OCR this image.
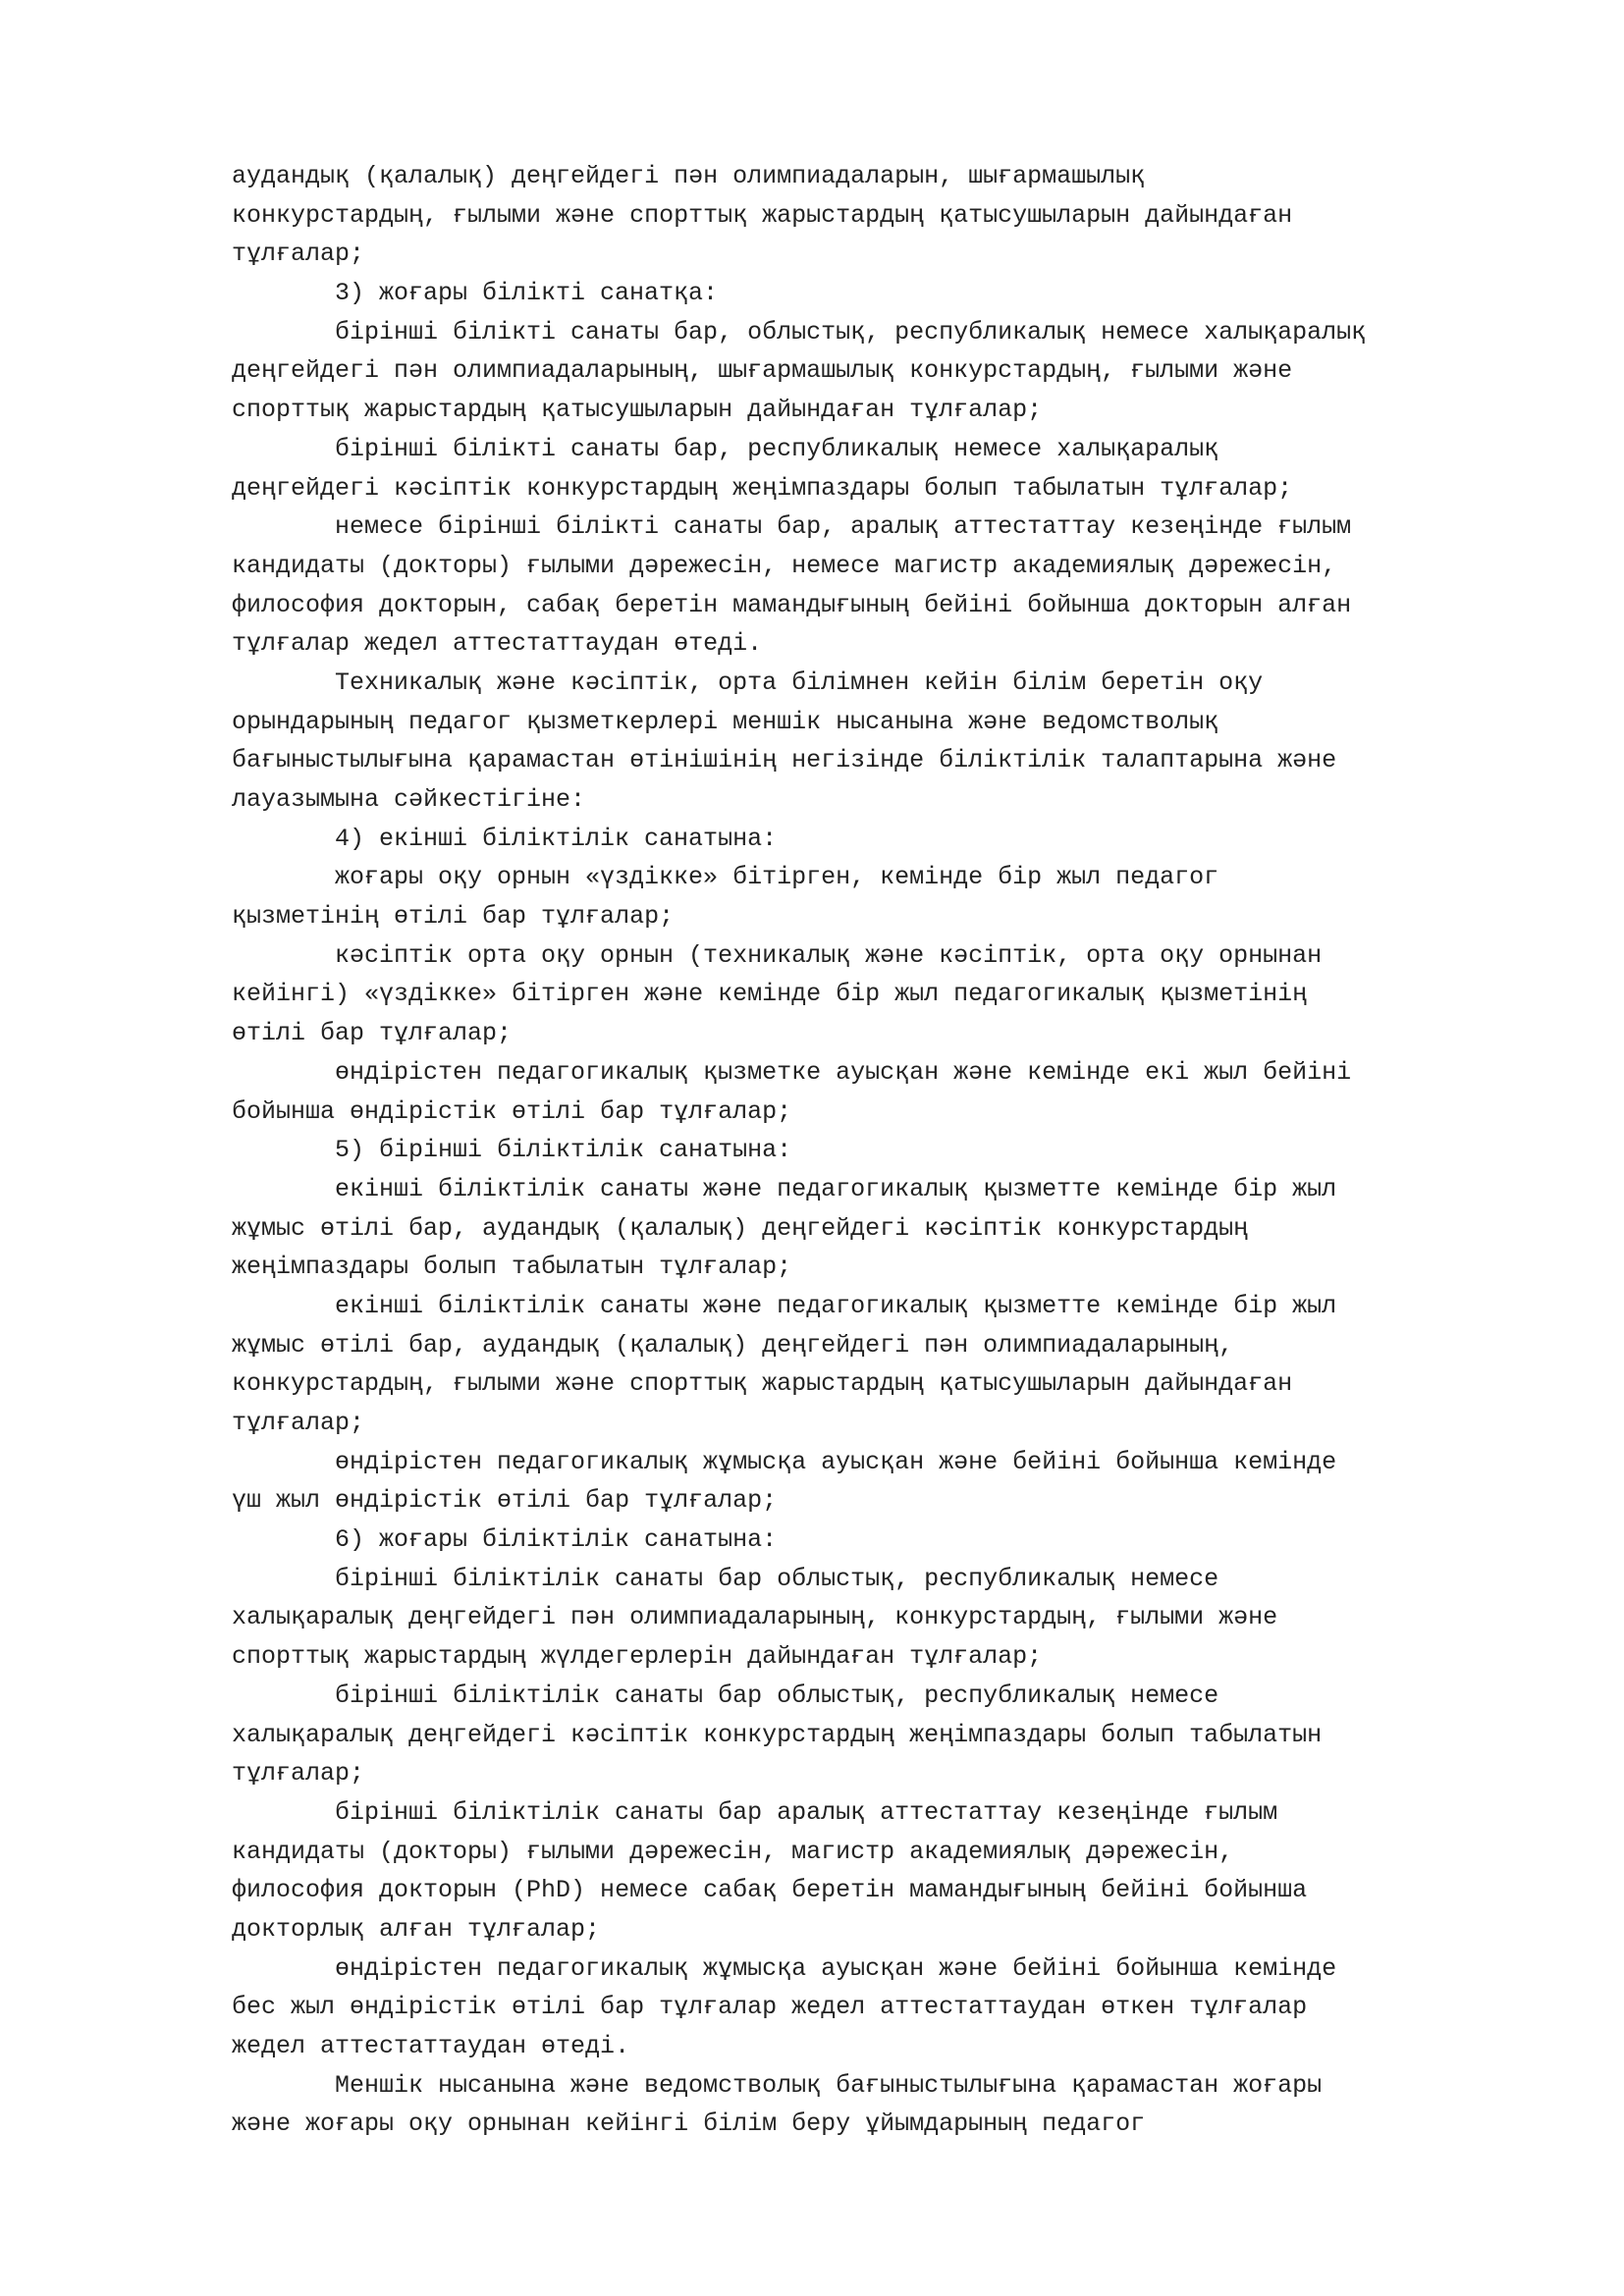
аудандық (қалалық) деңгейдегі пән олимпиадаларын, шығармашылық
конкурстардың, ғылыми және спорттық жарыстардың қатысушыларын дайындаған
тұлғалар;
3) жоғары білікті санатқа:
бірінші білікті санаты бар, облыстық, республикалық немесе халықаралық
деңгейдегі пән олимпиадаларының, шығармашылық конкурстардың, ғылыми және
спорттық жарыстардың қатысушыларын дайындаған тұлғалар;
бірінші білікті санаты бар, республикалық немесе халықаралық
деңгейдегі кәсіптік конкурстардың жеңімпаздары болып табылатын тұлғалар;
немесе бірінші білікті санаты бар, аралық аттестаттау кезеңінде ғылым
кандидаты (докторы) ғылыми дәрежесін, немесе магистр академиялық дәрежесін,
философия докторын, сабақ беретін мамандығының бейіні бойынша докторын алған
тұлғалар жедел аттестаттаудан өтеді.
Техникалық және кәсіптік, орта білімнен кейін білім беретін оқу
орындарының педагог қызметкерлері меншік нысанына және ведомстволық
бағыныстылығына қарамастан өтінішінің негізінде біліктілік талаптарына және
лауазымына сәйкестігіне:
4) екінші біліктілік санатына:
жоғары оқу орнын «үздікке» бітірген, кемінде бір жыл педагог
қызметінің өтілі бар тұлғалар;
кәсіптік орта оқу орнын (техникалық және кәсіптік, орта оқу орнынан
кейінгі) «үздікке» бітірген және кемінде бір жыл педагогикалық қызметінің
өтілі бар тұлғалар;
өндірістен педагогикалық қызметке ауысқан және кемінде екі жыл бейіні
бойынша өндірістік өтілі бар тұлғалар;
5) бірінші біліктілік санатына:
екінші біліктілік санаты және педагогикалық қызметте кемінде бір жыл
жұмыс өтілі бар, аудандық (қалалық) деңгейдегі кәсіптік конкурстардың
жеңімпаздары болып табылатын тұлғалар;
екінші біліктілік санаты және педагогикалық қызметте кемінде бір жыл
жұмыс өтілі бар, аудандық (қалалық) деңгейдегі пән олимпиадаларының,
конкурстардың, ғылыми және спорттық жарыстардың қатысушыларын дайындаған
тұлғалар;
өндірістен педагогикалық жұмысқа ауысқан және бейіні бойынша кемінде
үш жыл өндірістік өтілі бар тұлғалар;
6) жоғары біліктілік санатына:
бірінші біліктілік санаты бар облыстық, республикалық немесе
халықаралық деңгейдегі пән олимпиадаларының, конкурстардың, ғылыми және
спорттық жарыстардың жүлдегерлерін дайындаған тұлғалар;
бірінші біліктілік санаты бар облыстық, республикалық немесе
халықаралық деңгейдегі кәсіптік конкурстардың жеңімпаздары болып табылатын
тұлғалар;
бірінші біліктілік санаты бар аралық аттестаттау кезеңінде ғылым
кандидаты (докторы) ғылыми дәрежесін, магистр академиялық дәрежесін,
философия докторын (PhD) немесе сабақ беретін мамандығының бейіні бойынша
докторлық алған тұлғалар;
өндірістен педагогикалық жұмысқа ауысқан және бейіні бойынша кемінде
бес жыл өндірістік өтілі бар тұлғалар жедел аттестаттаудан өткен тұлғалар
жедел аттестаттаудан өтеді.
Меншік нысанына және ведомстволық бағыныстылығына қарамастан жоғары
және жоғары оқу орнынан кейінгі білім беру ұйымдарының педагог
